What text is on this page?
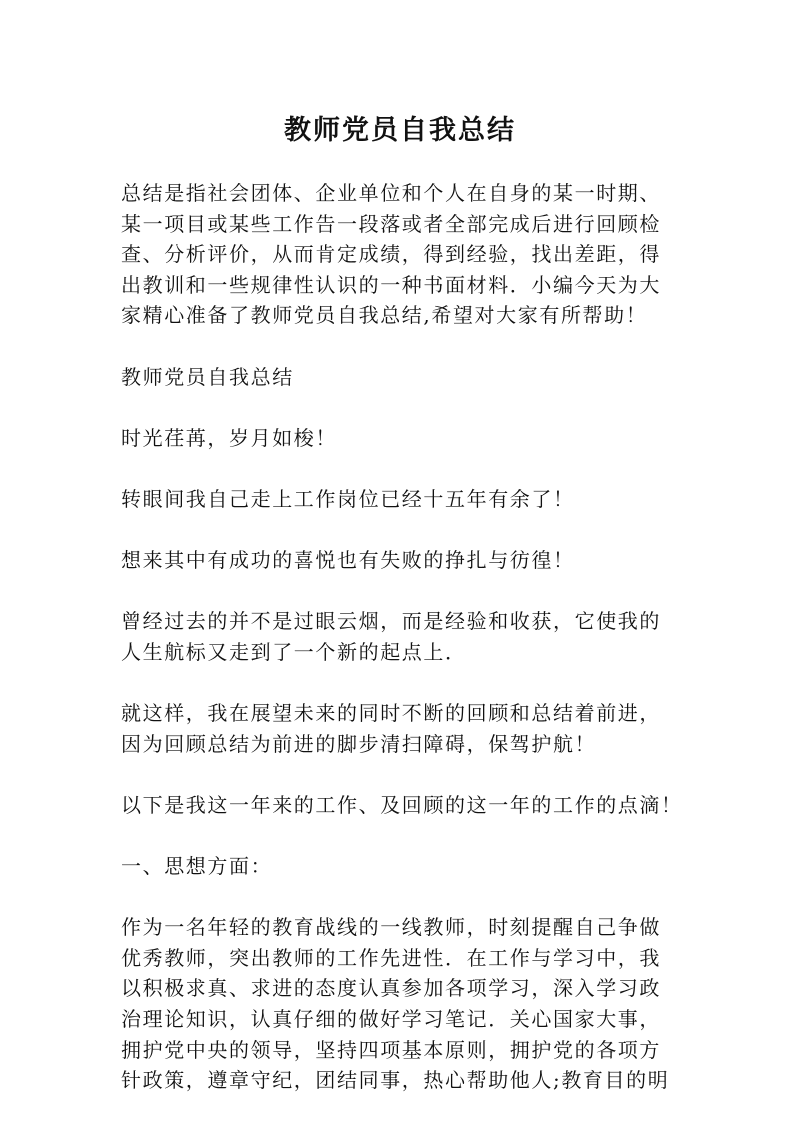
教师党员自我总结

总结是指社会团体、企业单位和个人在自身的某一时期、
某一项目或某些工作告一段落或者全部完成后进行回顾检
查、分析评价，从而肯定成绩，得到经验，找出差距，得
出教训和一些规律性认识的一种书面材料．小编今天为大
家精心准备了教师党员自我总结,希望对大家有所帮助！

教师党员自我总结

时光荏苒，岁月如梭！

转眼间我自己走上工作岗位已经十五年有余了！

想来其中有成功的喜悦也有失败的挣扎与彷徨！

曾经过去的并不是过眼云烟，而是经验和收获，它使我的
人生航标又走到了一个新的起点上．

就这样，我在展望未来的同时不断的回顾和总结着前进，
因为回顾总结为前进的脚步清扫障碍，保驾护航！

以下是我这一年来的工作、及回顾的这一年的工作的点滴！

一、思想方面：

作为一名年轻的教育战线的一线教师，时刻提醒自己争做
优秀教师，突出教师的工作先进性．在工作与学习中，我
以积极求真、求进的态度认真参加各项学习，深入学习政
治理论知识，认真仔细的做好学习笔记．关心国家大事，
拥护党中央的领导，坚持四项基本原则，拥护党的各项方
针政策，遵章守纪，团结同事，热心帮助他人;教育目的明
